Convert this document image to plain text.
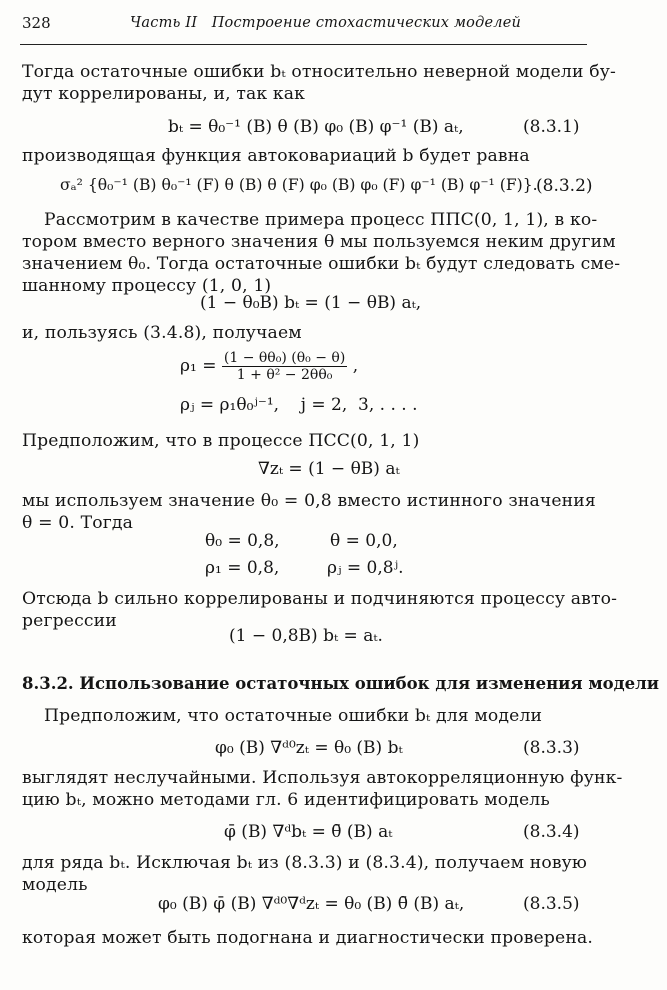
328	Часть II   Построение стохастических моделей
Тогда остаточные ошибки bₜ относительно неверной модели бу-
дут коррелированы, и, так как
bₜ = θ₀⁻¹ (B) θ (B) φ₀ (B) φ⁻¹ (B) aₜ,	(8.3.1)
производящая функция автоковариаций b будет равна
σₐ² {θ₀⁻¹ (B) θ₀⁻¹ (F) θ (B) θ (F) φ₀ (B) φ₀ (F) φ⁻¹ (B) φ⁻¹ (F)}.
(8.3.2)
Рассмотрим в качестве примера процесс ППС(0, 1, 1), в ко-
тором вместо верного значения θ мы пользуемся неким другим
значением θ₀. Тогда остаточные ошибки bₜ будут следовать сме-
шанному процессу (1, 0, 1)
(1 − θ₀B) bₜ = (1 − θB) aₜ,
и, пользуясь (3.4.8), получаем
$\rho_1 = \frac{\text{(1 − θθ₀) (θ₀ − θ)}}{\text{1 + θ² − 2θθ₀}}$ ,
ρⱼ = ρ₁θ₀ʲ⁻¹,    j = 2,  3, . . . .
Предположим, что в процессе ПСС(0, 1, 1)
∇zₜ = (1 − θB) aₜ
мы используем значение θ₀ = 0,8 вместо истинного значения
θ = 0. Тогда
θ₀ = 0,8,	θ = 0,0,
ρ₁ = 0,8,	ρⱼ = 0,8ʲ.
Отсюда b сильно коррелированы и подчиняются процессу авто-
регрессии
(1 − 0,8B) bₜ = aₜ.
8.3.2. Использование остаточных ошибок для изменения модели
Предположим, что остаточные ошибки bₜ для модели
φ₀ (B) ∇ᵈ⁰zₜ = θ₀ (B) bₜ	(8.3.3)
выглядят неслучайными. Используя автокорреляционную функ-
цию bₜ, можно методами гл. 6 идентифицировать модель
φ̄ (B) ∇ᵈbₜ = θ̄ (B) aₜ	(8.3.4)
для ряда bₜ. Исключая bₜ из (8.3.3) и (8.3.4), получаем новую
модель
φ₀ (B) φ̄ (B) ∇ᵈ⁰∇ᵈzₜ = θ₀ (B) θ̄ (B) aₜ,	(8.3.5)
которая может быть подогнана и диагностически проверена.
